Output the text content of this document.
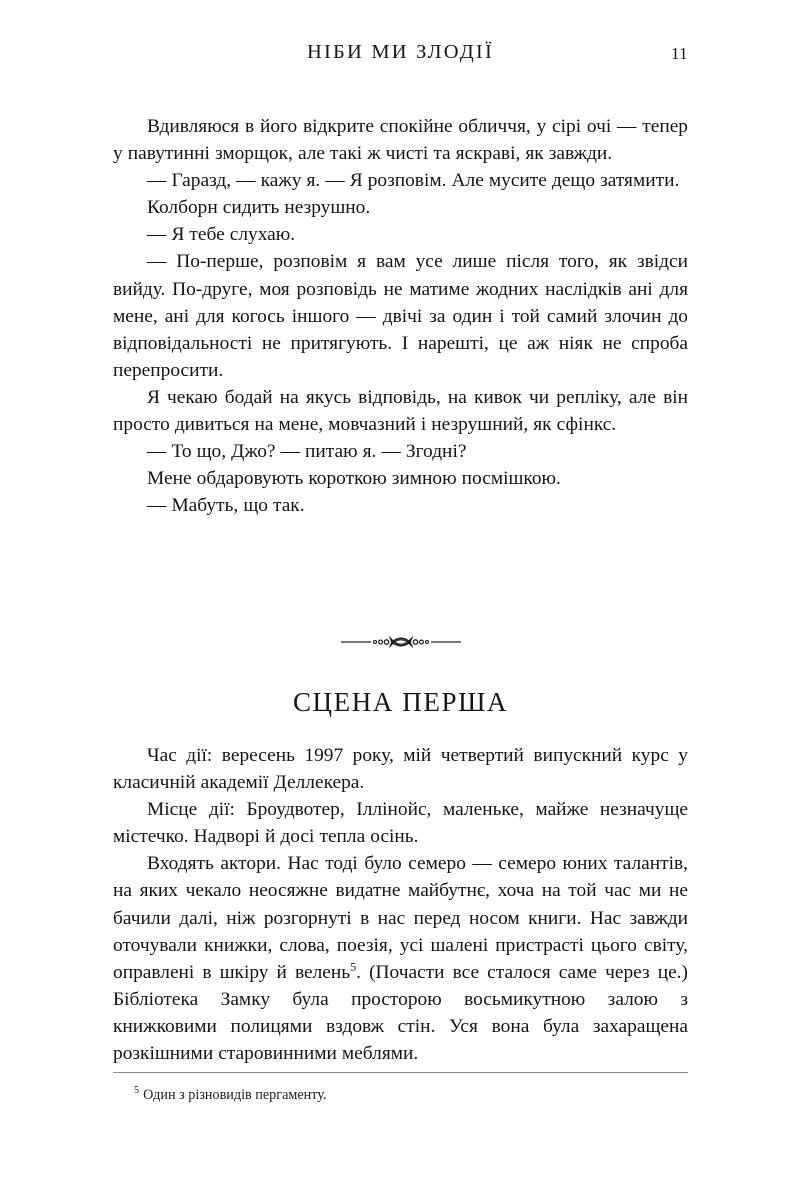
НІБИ МИ ЗЛОДІЇ	11

Вдивляюся в його відкрите спокійне обличчя, у сірі очі — тепер у павутинні зморщок, але такі ж чисті та яскраві, як завжди.

— Гаразд, — кажу я. — Я розповім. Але мусите дещо затямити.

Колборн сидить незрушно.

— Я тебе слухаю.

— По-перше, розповім я вам усе лише після того, як звідси вийду. По-друге, моя розповідь не матиме жодних наслідків ані для мене, ані для когось іншого — двічі за один і той самий злочин до відповідальності не притягують. І нарешті, це аж ніяк не спроба перепросити.

Я чекаю бодай на якусь відповідь, на кивок чи репліку, але він просто дивиться на мене, мовчазний і незрушний, як сфінкс.

— То що, Джо? — питаю я. — Згодні?

Мене обдаровують короткою зимною посмішкою.

— Мабуть, що так.

СЦЕНА ПЕРША

Час дії: вересень 1997 року, мій четвертий випускний курс у класичній академії Деллекера.

Місце дії: Броудвотер, Іллінойс, маленьке, майже незначуще містечко. Надворі й досі тепла осінь.

Входять актори. Нас тоді було семеро — семеро юних талантів, на яких чекало неосяжне видатне майбутнє, хоча на той час ми не бачили далі, ніж розгорнуті в нас перед носом книги. Нас завжди оточували книжки, слова, поезія, усі шалені пристрасті цього світу, оправлені в шкіру й велень$^5$. (Почасти все сталося саме через це.) Бібліотека Замку була просторою восьмикутною залою з книжковими полицями вздовж стін. Уся вона була захаращена розкішними старовинними меблями.

$^5$ Один з різновидів пергаменту.
